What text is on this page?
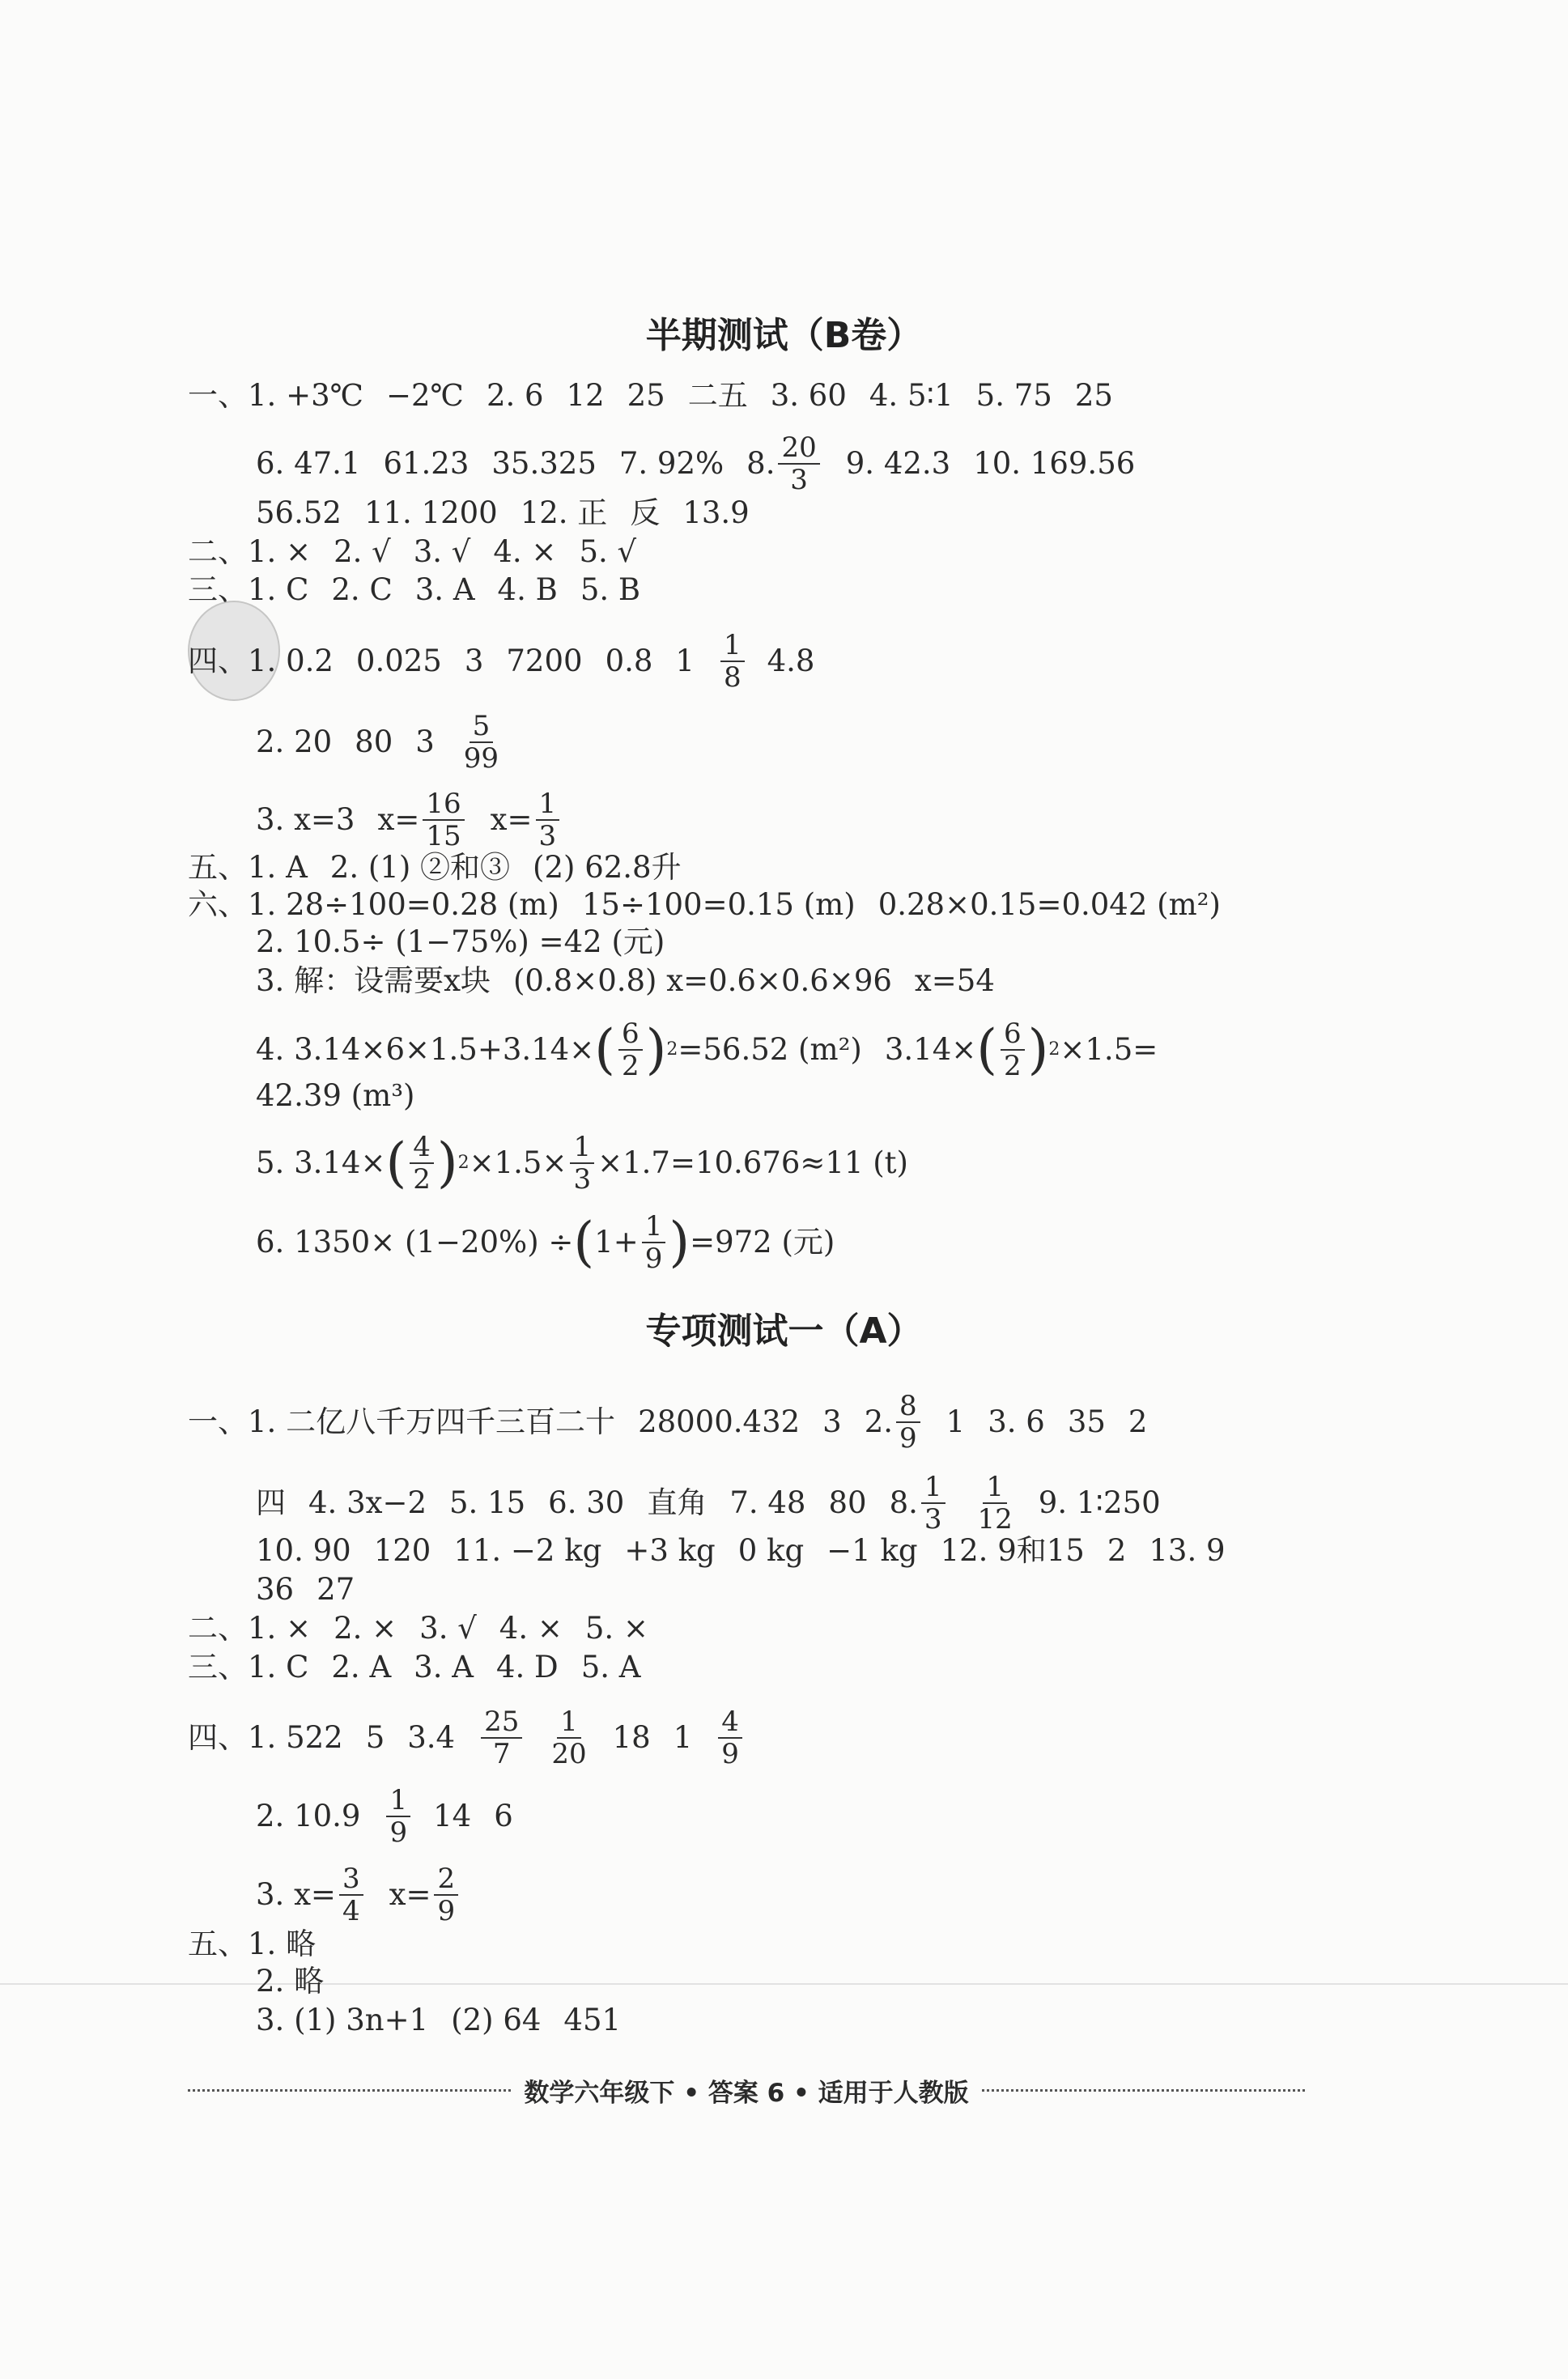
半期测试（B卷）
一、1. +3℃ −2℃ 2. 6 12 25 二五 3. 60 4. 5∶1 5. 75 25
6. 47.1 61.23 35.325 7. 92% 8. $\frac{20}{3} 9$. 42.3 10. 169.56
56.52 11. 1200 12. 正 反 13.9
二、1. × 2. √ 3. √ 4. × 5. √
三、1. C 2. C 3. A 4. B 5. B
四、1. 0.2 0.025 3 7200 0.8 $1 \frac{1}{8} 4.8$
2. 20 80 $3 \frac{5}{99}$
3. x=3 $x= \frac{16}{15} x= \frac{1}{3}$
五、1. A 2. (1) ②和③ (2) 62.8升
六、1. 28÷100=0.28 (m) 15÷100=0.15 (m) 0.28×0.15=0.042 (m²)
2. 10.5÷ (1−75%) =42 (元)
3. 解：设需要x块 (0.8×0.8) x=0.6×0.6×96 x=54
4. 3.14×6×1.5+3.14× ( $\frac{6}{2}$ ) 2 =56.52 (m²) 3.14× ( $\frac{6}{2}$ ) 2 ×1.5=
42.39 (m³)
5. 3.14× ( $\frac{4}{2}$ ) $2 \times 1.5\times \frac{1}{3} \times 1.7=10.676\approx 11$ (t)
6. 1350× (1−20%) ÷ ( $1+ \frac{1}{9}$ ) =972 (元)
专项测试一（A）
一、1. 二亿八千万四千三百二十 28000.432 3 2. $\frac{8}{9} 1$ 3. 6 35 2
四 4. 3x−2 5. 15 6. 30 直角 7. 48 80 8. $\frac{1}{3} \frac{1}{12} 9$. 1∶250
10. 90 120 11. −2 kg +3 kg 0 kg −1 kg 12. 9和15 2 13. 9
36 27
二、1. × 2. × 3. √ 4. × 5. ×
三、1. C 2. A 3. A 4. D 5. A
四、1. 522 5 $3.4 \frac{25}{7} \frac{1}{20} 18$ $1 \frac{4}{9}$
2. $10.9 \frac{1}{9} 14$ 6
3. $x= \frac{3}{4} x= \frac{2}{9}$
五、1. 略
2. 略
3. (1) 3n+1 (2) 64 451
数学六年级下 • 答案 6 • 适用于人教版
